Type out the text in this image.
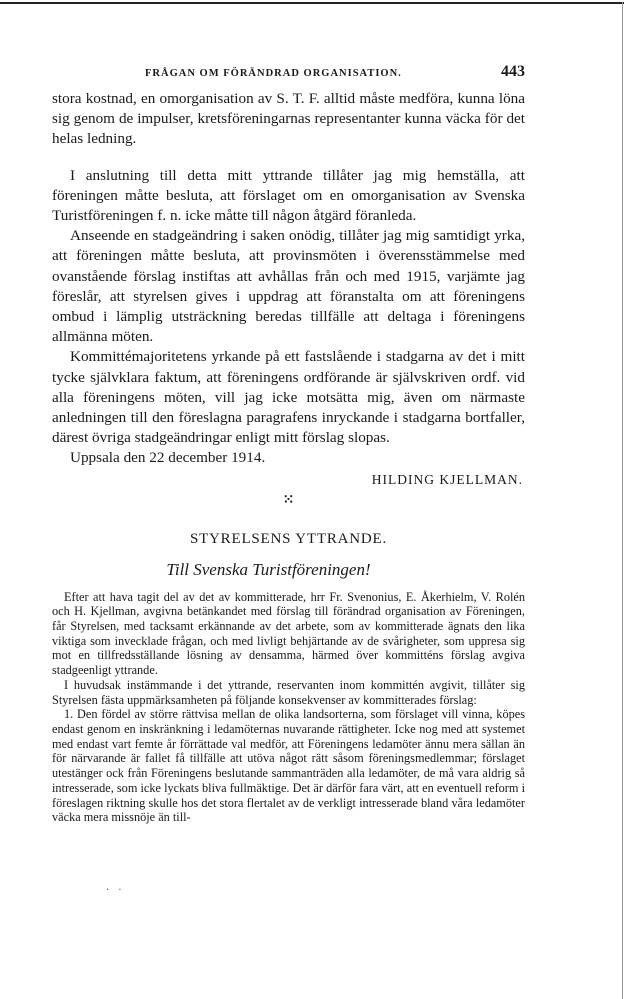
FRÅGAN OM FÖRÄNDRAD ORGANISATION.	443

stora kostnad, en omorganisation av S. T. F. alltid måste medföra, kunna löna sig genom de impulser, kretsföreningarnas representanter kunna väcka för det helas ledning.

I anslutning till detta mitt yttrande tillåter jag mig hemställa, att föreningen måtte besluta, att förslaget om en omorganisation av Svenska Turistföreningen f. n. icke måtte till någon åtgärd föranleda.

Anseende en stadgeändring i saken onödig, tillåter jag mig samtidigt yrka, att föreningen måtte besluta, att provinsmöten i överensstämmelse med ovanstående förslag instiftas att avhållas från och med 1915, varjämte jag föreslår, att styrelsen gives i uppdrag att föranstalta om att föreningens ombud i lämplig utsträckning beredas tillfälle att deltaga i föreningens allmänna möten.

Kommittémajoritetens yrkande på ett fastslående i stadgarna av det i mitt tycke självklara faktum, att föreningens ordförande är självskriven ordf. vid alla föreningens möten, vill jag icke motsätta mig, även om närmaste anledningen till den föreslagna paragrafens inryckande i stadgarna bortfaller, därest övriga stadgeändringar enligt mitt förslag slopas.

Uppsala den 22 december 1914.

HILDING KJELLMAN.
⁙
STYRELSENS YTTRANDE.
Till Svenska Turistföreningen!

Efter att hava tagit del av det av kommitterade, hrr Fr. Svenonius, E. Åkerhielm, V. Rolén och H. Kjellman, avgivna betänkandet med förslag till förändrad organisation av Föreningen, får Styrelsen, med tacksamt erkännande av det arbete, som av kommitterade ägnats den lika viktiga som invecklade frågan, och med livligt behjärtande av de svårigheter, som uppresa sig mot en tillfredsställande lösning av densamma, härmed över kommitténs förslag avgiva stadgeenligt yttrande.

I huvudsak instämmande i det yttrande, reservanten inom kommittén avgivit, tillåter sig Styrelsen fästa uppmärksamheten på följande konsekvenser av kommitterades förslag:

1. Den fördel av större rättvisa mellan de olika landsorterna, som förslaget vill vinna, köpes endast genom en inskränkning i ledamöternas nuvarande rättigheter. Icke nog med att systemet med endast vart femte år förrättade val medför, att Föreningens ledamöter ännu mera sällan än för närvarande är fallet få tillfälle att utöva något rätt såsom föreningsmedlemmar; förslaget utestänger ock från Föreningens beslutande sammanträden alla ledamöter, de må vara aldrig så intresserade, som icke lyckats bliva fullmäktige. Det är därför fara värt, att en eventuell reform i föreslagen riktning skulle hos det stora flertalet av de verkligt intresserade bland våra ledamöter väcka mera missnöje än till-

· ·
